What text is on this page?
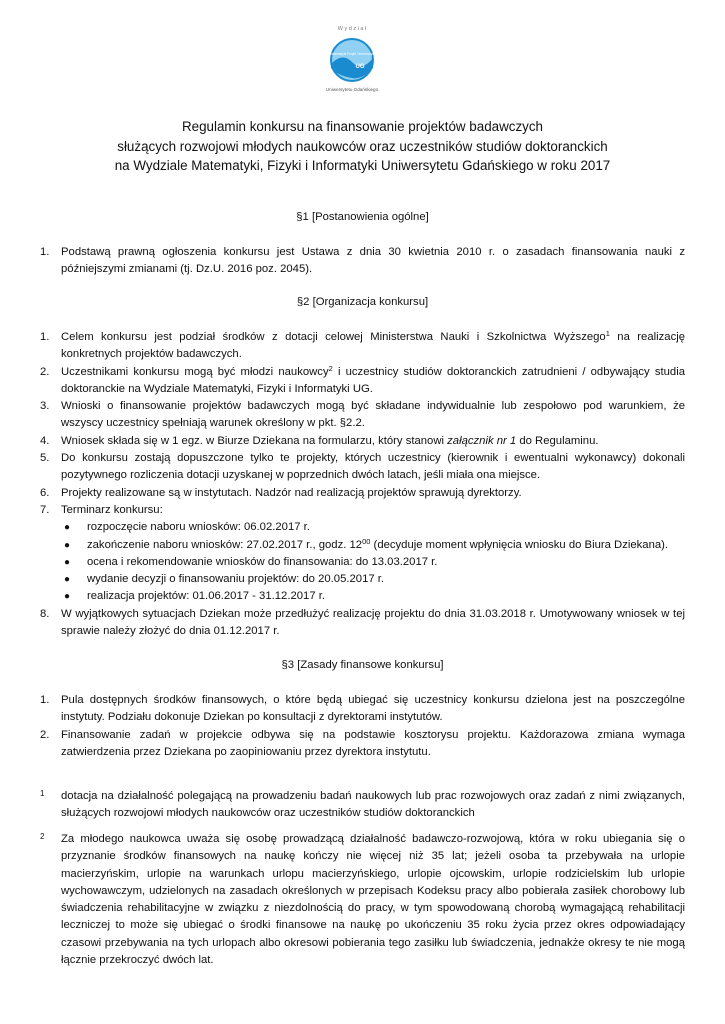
W y d z i a ł
Matematyki Fizyki i Informatyki
UG
Uniwersytetu Gdańskiego
Regulamin konkursu na finansowanie projektów badawczych
służących rozwojowi młodych naukowców oraz uczestników studiów doktoranckich
na Wydziale Matematyki, Fizyki i Informatyki Uniwersytetu Gdańskiego w roku 2017
§1 [Postanowienia ogólne]
1.	Podstawą prawną ogłoszenia konkursu jest Ustawa z dnia 30 kwietnia 2010 r. o zasadach finansowania nauki z późniejszymi zmianami (tj. Dz.U. 2016 poz. 2045).
§2 [Organizacja konkursu]
1.	Celem konkursu jest podział środków z dotacji celowej Ministerstwa Nauki i Szkolnictwa Wyższego$^1$ na realizację konkretnych projektów badawczych.
2.	Uczestnikami konkursu mogą być młodzi naukowcy$^2$ i uczestnicy studiów doktoranckich zatrudnieni / odbywający studia doktoranckie na Wydziale Matematyki, Fizyki i Informatyki UG.
3.	Wnioski o finansowanie projektów badawczych mogą być składane indywidualnie lub zespołowo pod warunkiem, że wszyscy uczestnicy spełniają warunek określony w pkt. §2.2.
4.	Wniosek składa się w 1 egz. w Biurze Dziekana na formularzu, który stanowi załącznik nr 1 do Regulaminu.
5.	Do konkursu zostają dopuszczone tylko te projekty, których uczestnicy (kierownik i ewentualni wykonawcy) dokonali pozytywnego rozliczenia dotacji uzyskanej w poprzednich dwóch latach, jeśli miała ona miejsce.
6.	Projekty realizowane są w instytutach. Nadzór nad realizacją projektów sprawują dyrektorzy.
7.	Terminarz konkursu:
● rozpoczęcie naboru wniosków: 06.02.2017 r.
● zakończenie naboru wniosków: 27.02.2017 r., godz. $12^{00}$ (decyduje moment wpłynięcia wniosku do Biura Dziekana).
● ocena i rekomendowanie wniosków do finansowania: do 13.03.2017 r.
● wydanie decyzji o finansowaniu projektów: do 20.05.2017 r.
● realizacja projektów: 01.06.2017 - 31.12.2017 r.
8.	W wyjątkowych sytuacjach Dziekan może przedłużyć realizację projektu do dnia 31.03.2018 r. Umotywowany wniosek w tej sprawie należy złożyć do dnia 01.12.2017 r.
§3 [Zasady finansowe konkursu]
1.	Pula dostępnych środków finansowych, o które będą ubiegać się uczestnicy konkursu dzielona jest na poszczególne instytuty. Podziału dokonuje Dziekan po konsultacji z dyrektorami instytutów.
2.	Finansowanie zadań w projekcie odbywa się na podstawie kosztorysu projektu. Każdorazowa zmiana wymaga zatwierdzenia przez Dziekana po zaopiniowaniu przez dyrektora instytutu.
1	dotacja na działalność polegającą na prowadzeniu badań naukowych lub prac rozwojowych oraz zadań z nimi związanych, służących rozwojowi młodych naukowców oraz uczestników studiów doktoranckich
2	Za młodego naukowca uważa się osobę prowadzącą działalność badawczo-rozwojową, która w roku ubiegania się o przyznanie środków finansowych na naukę kończy nie więcej niż 35 lat; jeżeli osoba ta przebywała na urlopie macierzyńskim, urlopie na warunkach urlopu macierzyńskiego, urlopie ojcowskim, urlopie rodzicielskim lub urlopie wychowawczym, udzielonych na zasadach określonych w przepisach Kodeksu pracy albo pobierała zasiłek chorobowy lub świadczenia rehabilitacyjne w związku z niezdolnością do pracy, w tym spowodowaną chorobą wymagającą rehabilitacji leczniczej to może się ubiegać o środki finansowe na naukę po ukończeniu 35 roku życia przez okres odpowiadający czasowi przebywania na tych urlopach albo okresowi pobierania tego zasiłku lub świadczenia, jednakże okresy te nie mogą łącznie przekroczyć dwóch lat.
